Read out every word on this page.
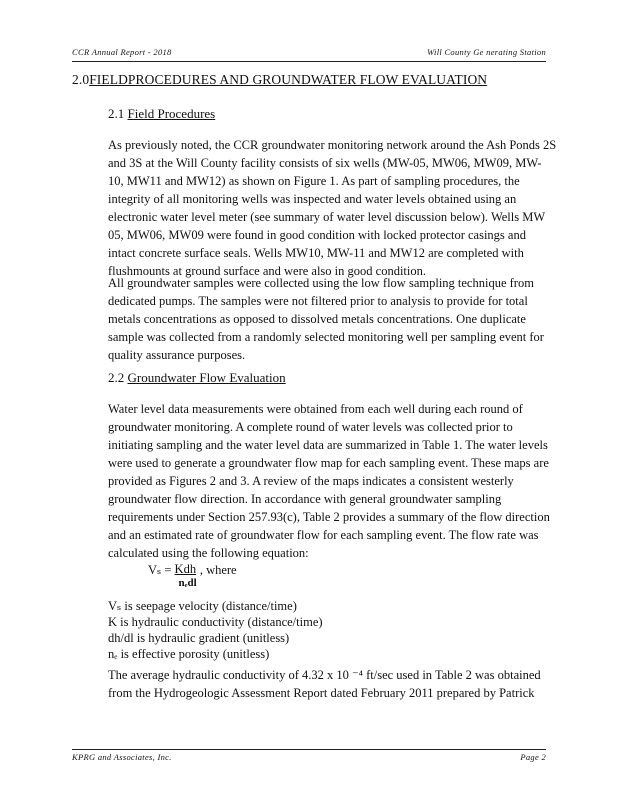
CCR Annual Report - 2018	Will County Ge nerating Station
2.0FIELDPROCEDURES AND GROUNDWATER FLOW EVALUATION
2.1 Field Procedures
As previously noted, the CCR groundwater monitoring network around the Ash Ponds 2S
and 3S at the Will County facility consists of six wells (MW-05, MW06, MW09, MW-
10, MW11 and MW12) as shown on Figure 1. As part of sampling procedures, the
integrity of all monitoring wells was inspected and water levels obtained using an
electronic water level meter (see summary of water level discussion below). Wells MW
05, MW06, MW09 were found in good condition with locked protector casings and
intact concrete surface seals. Wells MW10, MW-11 and MW12 are completed with
flushmounts at ground surface and were also in good condition.
All groundwater samples were collected using the low flow sampling technique from
dedicated pumps. The samples were not filtered prior to analysis to provide for total
metals concentrations as opposed to dissolved metals concentrations. One duplicate
sample was collected from a randomly selected monitoring well per sampling event for
quality assurance purposes.
2.2 Groundwater Flow Evaluation
Water level data measurements were obtained from each well during each round of
groundwater monitoring. A complete round of water levels was collected prior to
initiating sampling and the water level data are summarized in Table 1. The water levels
were used to generate a groundwater flow map for each sampling event. These maps are
provided as Figures 2 and 3. A review of the maps indicates a consistent westerly
groundwater flow direction. In accordance with general groundwater sampling
requirements under Section 257.93(c), Table 2 provides a summary of the flow direction
and an estimated rate of groundwater flow for each sampling event. The flow rate was
calculated using the following equation:
$V_s = \frac{\text{Kdh}}{\text{nₑdl}}$ , where
Vₛ is seepage velocity (distance/time)
K is hydraulic conductivity (distance/time)
dh/dl is hydraulic gradient (unitless)
nₑ is effective porosity (unitless)
The average hydraulic conductivity of 4.32 x 10 ⁻⁴ ft/sec used in Table 2 was obtained
from the Hydrogeologic Assessment Report dated February 2011 prepared by Patrick
KPRG and Associates, Inc.	Page 2
